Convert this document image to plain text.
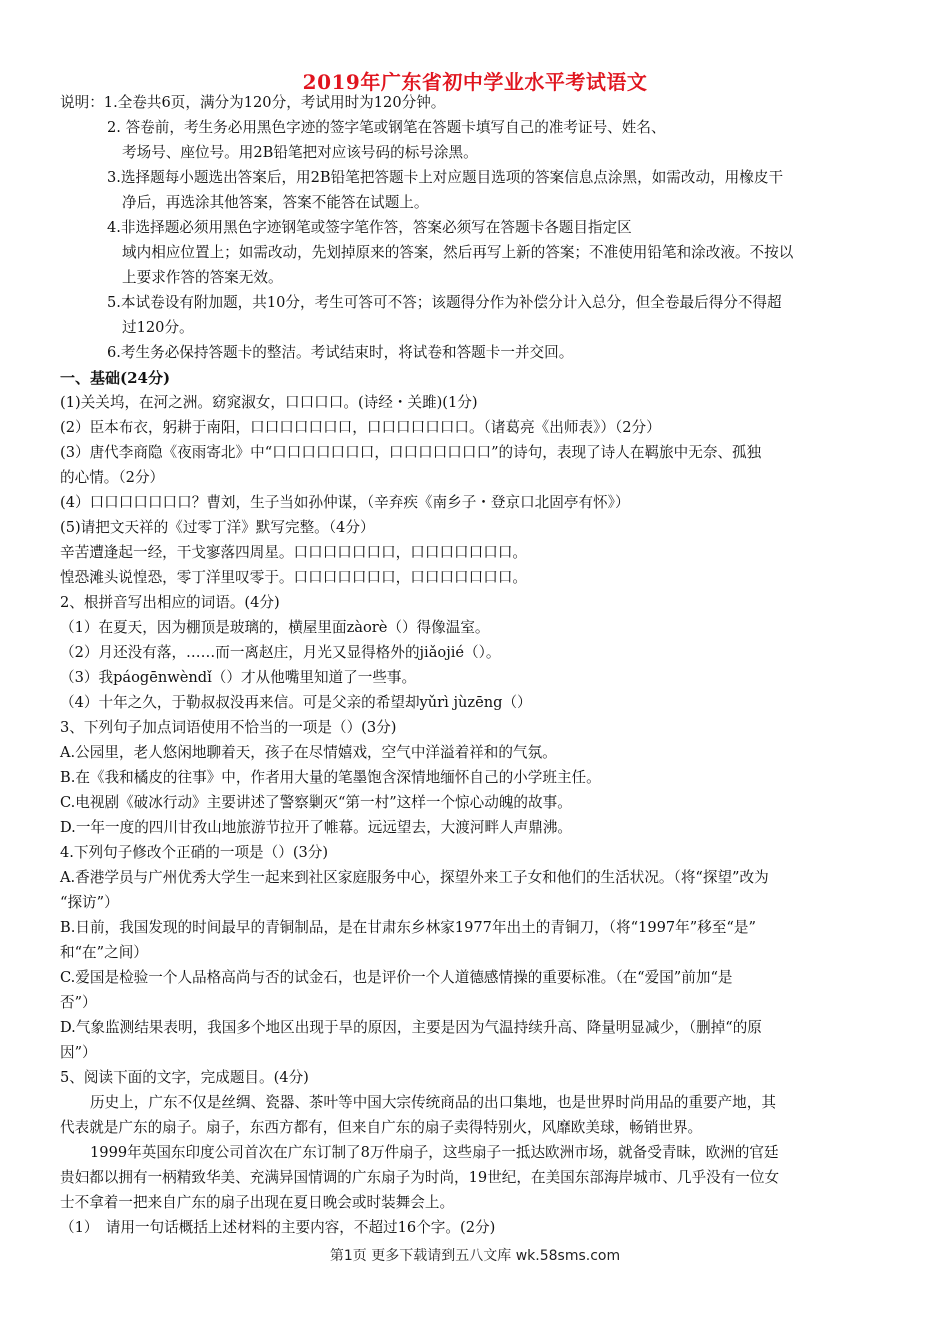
2019年广东省初中学业水平考试语文
说明：1.全卷共6页，满分为120分，考试用时为120分钟。
2. 答卷前，考生务必用黑色字迹的签字笔或钢笔在答题卡填写自己的准考证号、姓名、
考场号、座位号。用2B铅笔把对应该号码的标号涂黑。
3.选择题每小题选出答案后，用2B铅笔把答题卡上对应题目选项的答案信息点涂黑，如需改动，用橡皮干
净后，再选涂其他答案，答案不能答在试题上。
4.非选择题必须用黑色字迹钢笔或签字笔作答，答案必须写在答题卡各题目指定区
域内相应位置上；如需改动，先划掉原来的答案，然后再写上新的答案；不准使用铅笔和涂改液。不按以
上要求作答的答案无效。
5.本试卷设有附加题，共10分，考生可答可不答；该题得分作为补偿分计入总分，但全卷最后得分不得超
过120分。
6.考生务必保持答题卡的整洁。考试结束时，将试卷和答题卡一并交回。
一、基础(24分)
(1)关关坞，在河之洲。窈窕淑女，口口口口。(诗经・关雎)(1分)
(2）臣本布衣，躬耕于南阳，口口口口口口口，口口口口口口口。（诸葛亮《出师表》）（2分）
(3）唐代李商隐《夜雨寄北》中“口口口口口口口，口口口口口口口”的诗句，表现了诗人在羁旅中无奈、孤独
的心情。（2分）
(4）口口口口口口口？曹刘，生子当如孙仲谋，（辛弃疾《南乡子・登京口北固亭有怀》）
(5)请把文天祥的《过零丁洋》默写完整。（4分）
辛苦遭逢起一经，干戈寥落四周星。口口口口口口口，口口口口口口口。
惶恐滩头说惶恐，零丁洋里叹零于。口口口口口口口，口口口口口口口。
2、根拼音写出相应的词语。(4分)
（1）在夏天，因为棚顶是玻璃的，横屋里面zàorè（）得像温室。
（2）月还没有落，……而一离赵庄，月光又显得格外的jiǎojié（）。
（3）我páogēnwèndǐ（）才从他嘴里知道了一些事。
（4）十年之久，于勒叔叔没再来信。可是父亲的希望却yǔrì jùzēng（）
3、下列句子加点词语使用不恰当的一项是（）(3分)
A.公园里，老人悠闲地聊着天，孩子在尽情嬉戏，空气中洋溢着祥和的气氛。
B.在《我和橘皮的往事》中，作者用大量的笔墨饱含深情地缅怀自己的小学班主任。
C.电视剧《破冰行动》主要讲述了警察剿灭“第一村”这样一个惊心动魄的故事。
D.一年一度的四川甘孜山地旅游节拉开了帷幕。远远望去，大渡河畔人声鼎沸。
4.下列句子修改个正硝的一项是（）(3分)
A.香港学员与广州优秀大学生一起来到社区家庭服务中心，探望外来工子女和他们的生活状况。（将“探望”改为
“探访”）
B.日前，我国发现的时间最早的青铜制品，是在甘肃东乡林家1977年出土的青铜刀，（将“1997年”移至“是”
和“在”之间）
C.爱国是检验一个人品格高尚与否的试金石，也是评价一个人道德感情操的重要标准。（在“爱国”前加“是
否”）
D.气象监测结果表明，我国多个地区出现于旱的原因，主要是因为气温持续升高、降量明显减少，（删掉“的原
因”）
5、阅读下面的文字，完成题目。(4分)
历史上，广东不仅是丝绸、瓷器、茶叶等中国大宗传统商品的出口集地，也是世界时尚用品的重要产地，其
代表就是广东的扇子。扇子，东西方都有，但来自广东的扇子卖得特别火，风靡欧美球，畅销世界。
1999年英国东印度公司首次在广东订制了8万件扇子，这些扇子一抵达欧洲市场，就备受青昧，欧洲的官廷
贵妇都以拥有一柄精致华美、充满异国情调的广东扇子为时尚，19世纪，在美国东部海岸城市、几乎没有一位女
士不拿着一把来自广东的扇子出现在夏日晚会或时装舞会上。
（1）　请用一句话概括上述材料的主要内容，不超过16个字。(2分)
第1页 更多下载请到五八文库 wk.58sms.com
